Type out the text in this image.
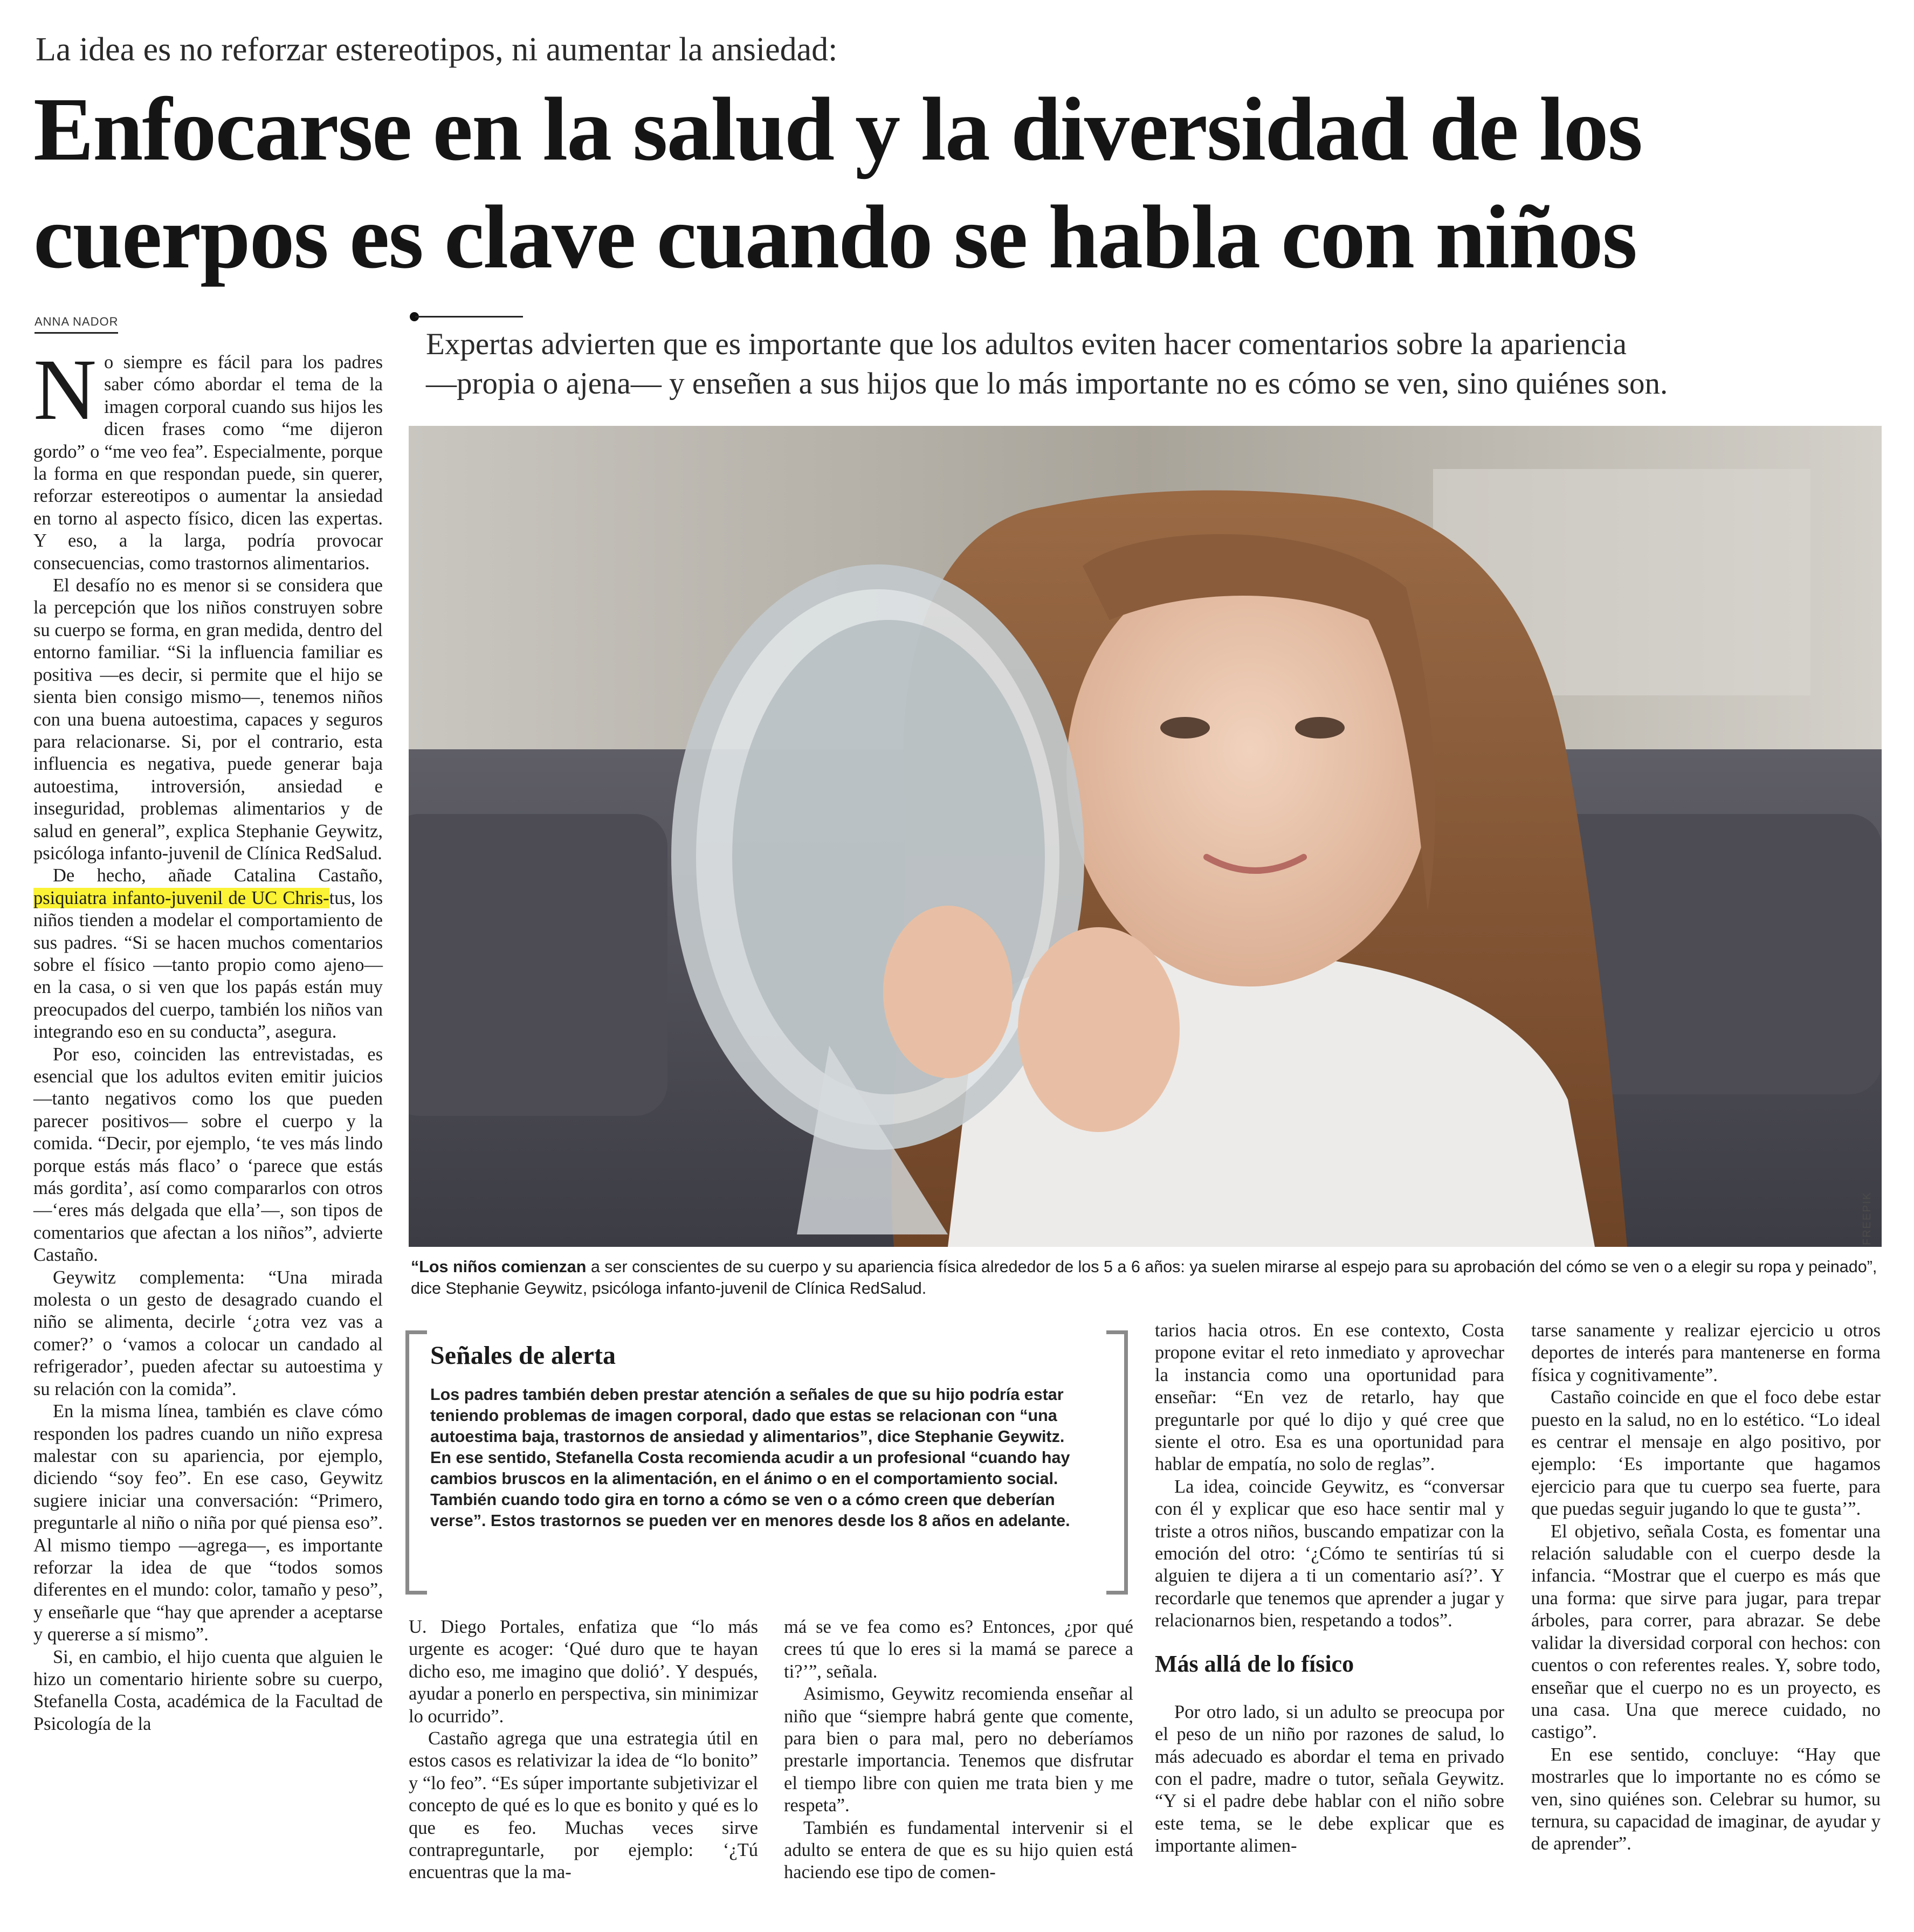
La idea es no reforzar estereotipos, ni aumentar la ansiedad:
Enfocarse en la salud y la diversidad de los
cuerpos es clave cuando se habla con niños
ANNA NADOR

No siempre es fácil para los padres saber cómo abordar el tema de la imagen corporal cuando sus hijos les dicen frases como “me dijeron gordo” o “me veo fea”. Especialmente, porque la forma en que respondan puede, sin querer, reforzar estereotipos o aumentar la ansiedad en torno al aspecto físico, dicen las expertas. Y eso, a la larga, podría provocar consecuencias, como trastornos alimentarios.

El desafío no es menor si se considera que la percepción que los niños construyen sobre su cuerpo se forma, en gran medida, dentro del entorno familiar. “Si la influencia familiar es positiva —es decir, si permite que el hijo se sienta bien consigo mismo—, tenemos niños con una buena autoestima, capaces y seguros para relacionarse. Si, por el contrario, esta influencia es negativa, puede generar baja autoestima, introversión, ansiedad e inseguridad, problemas alimentarios y de salud en general”, explica Stephanie Geywitz, psicóloga infanto-juvenil de Clínica RedSalud.

De hecho, añade Catalina Castaño, psiquiatra infanto-juvenil de UC Chris-tus, los niños tienden a modelar el comportamiento de sus padres. “Si se hacen muchos comentarios sobre el físico —tanto propio como ajeno— en la casa, o si ven que los papás están muy preocupados del cuerpo, también los niños van integrando eso en su conducta”, asegura.

Por eso, coinciden las entrevistadas, es esencial que los adultos eviten emitir juicios —tanto negativos como los que pueden parecer positivos— sobre el cuerpo y la comida. “Decir, por ejemplo, ‘te ves más lindo porque estás más flaco’ o ‘parece que estás más gordita’, así como compararlos con otros —‘eres más delgada que ella’—, son tipos de comentarios que afectan a los niños”, advierte Castaño.

Geywitz complementa: “Una mirada molesta o un gesto de desagrado cuando el niño se alimenta, decirle ‘¿otra vez vas a comer?’ o ‘vamos a colocar un candado al refrigerador’, pueden afectar su autoestima y su relación con la comida”.

En la misma línea, también es clave cómo responden los padres cuando un niño expresa malestar con su apariencia, por ejemplo, diciendo “soy feo”. En ese caso, Geywitz sugiere iniciar una conversación: “Primero, preguntarle al niño o niña por qué piensa eso”. Al mismo tiempo —agrega—, es importante reforzar la idea de que “todos somos diferentes en el mundo: color, tamaño y peso”, y enseñarle que “hay que aprender a aceptarse y quererse a sí mismo”.

Si, en cambio, el hijo cuenta que alguien le hizo un comentario hiriente sobre su cuerpo, Stefanella Costa, académica de la Facultad de Psicología de la

Expertas advierten que es importante que los adultos eviten hacer comentarios sobre la apariencia
—propia o ajena— y enseñen a sus hijos que lo más importante no es cómo se ven, sino quiénes son.
FREEPIK
“Los niños comienzan a ser conscientes de su cuerpo y su apariencia física alrededor de los 5 a 6 años: ya suelen mirarse al espejo para su aprobación del cómo se ven o a elegir su ropa y peinado”, dice Stephanie Geywitz, psicóloga infanto-juvenil de Clínica RedSalud.
Señales de alerta

Los padres también deben prestar atención a señales de que su hijo podría estar teniendo problemas de imagen corporal, dado que estas se relacionan con “una autoestima baja, trastornos de ansiedad y alimentarios”, dice Stephanie Geywitz.

En ese sentido, Stefanella Costa recomienda acudir a un profesional “cuando hay cambios bruscos en la alimentación, en el ánimo o en el comportamiento social. También cuando todo gira en torno a cómo se ven o a cómo creen que deberían verse”. Estos trastornos se pueden ver en menores desde los 8 años en adelante.

U. Diego Portales, enfatiza que “lo más urgente es acoger: ‘Qué duro que te hayan dicho eso, me imagino que dolió’. Y después, ayudar a ponerlo en perspectiva, sin minimizar lo ocurrido”.

Castaño agrega que una estrategia útil en estos casos es relativizar la idea de “lo bonito” y “lo feo”. “Es súper importante subjetivizar el concepto de qué es lo que es bonito y qué es lo que es feo. Muchas veces sirve contrapreguntarle, por ejemplo: ‘¿Tú encuentras que la ma-

má se ve fea como es? Entonces, ¿por qué crees tú que lo eres si la mamá se parece a ti?’”, señala.

Asimismo, Geywitz recomienda enseñar al niño que “siempre habrá gente que comente, para bien o para mal, pero no deberíamos prestarle importancia. Tenemos que disfrutar el tiempo libre con quien me trata bien y me respeta”.

También es fundamental intervenir si el adulto se entera de que es su hijo quien está haciendo ese tipo de comen-

tarios hacia otros. En ese contexto, Costa propone evitar el reto inmediato y aprovechar la instancia como una oportunidad para enseñar: “En vez de retarlo, hay que preguntarle por qué lo dijo y qué cree que siente el otro. Esa es una oportunidad para hablar de empatía, no solo de reglas”.

La idea, coincide Geywitz, es “conversar con él y explicar que eso hace sentir mal y triste a otros niños, buscando empatizar con la emoción del otro: ‘¿Cómo te sentirías tú si alguien te dijera a ti un comentario así?’. Y recordarle que tenemos que aprender a jugar y relacionarnos bien, respetando a todos”.

Más allá de lo físico

Por otro lado, si un adulto se preocupa por el peso de un niño por razones de salud, lo más adecuado es abordar el tema en privado con el padre, madre o tutor, señala Geywitz. “Y si el padre debe hablar con el niño sobre este tema, se le debe explicar que es importante alimen-

tarse sanamente y realizar ejercicio u otros deportes de interés para mantenerse en forma física y cognitivamente”.

Castaño coincide en que el foco debe estar puesto en la salud, no en lo estético. “Lo ideal es centrar el mensaje en algo positivo, por ejemplo: ‘Es importante que hagamos ejercicio para que tu cuerpo sea fuerte, para que puedas seguir jugando lo que te gusta’”.

El objetivo, señala Costa, es fomentar una relación saludable con el cuerpo desde la infancia. “Mostrar que el cuerpo es más que una forma: que sirve para jugar, para trepar árboles, para correr, para abrazar. Se debe validar la diversidad corporal con hechos: con cuentos o con referentes reales. Y, sobre todo, enseñar que el cuerpo no es un proyecto, es una casa. Una que merece cuidado, no castigo”.

En ese sentido, concluye: “Hay que mostrarles que lo importante no es cómo se ven, sino quiénes son. Celebrar su humor, su ternura, su capacidad de imaginar, de ayudar y de aprender”.
